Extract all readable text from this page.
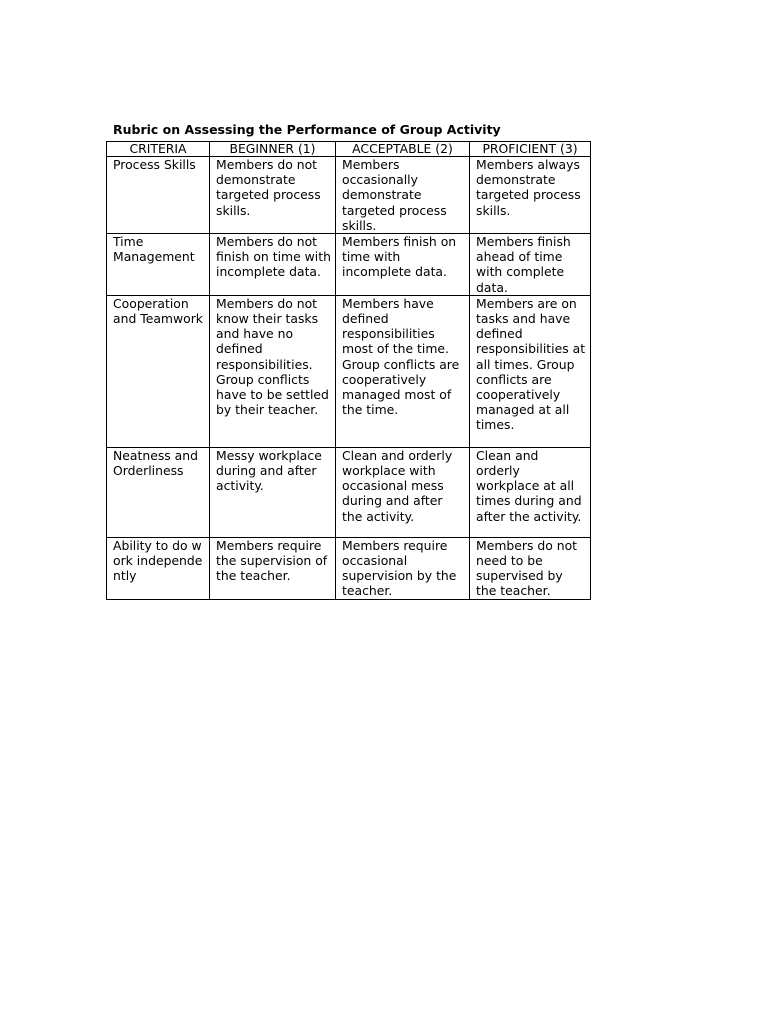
Rubric on Assessing the Performance of Group Activity
CRITERIA	BEGINNER (1)	ACCEPTABLE (2)	PROFICIENT (3)
Process Skills	Members do not demonstrate targeted process skills.	Members occasionally demonstrate targeted process skills.	Members always demonstrate targeted process skills.
Time Management	Members do not finish on time with incomplete data.	Members finish on time with incomplete data.	Members finish ahead of time with complete data.
Cooperation and Teamwork	Members do not know their tasks and have no defined responsibilities. Group conflicts have to be settled by their teacher.	Members have defined responsibilities most of the time. Group conflicts are cooperatively managed most of the time.	Members are on tasks and have defined responsibilities at all times. Group conflicts are cooperatively managed at all times.
Neatness and Orderliness	Messy workplace during and after activity.	Clean and orderly workplace with occasional mess during and after the activity.	Clean and orderly workplace at all times during and after the activity.
Ability to do work independently	Members require the supervision of the teacher.	Members require occasional supervision by the teacher.	Members do not need to be supervised by the teacher.
